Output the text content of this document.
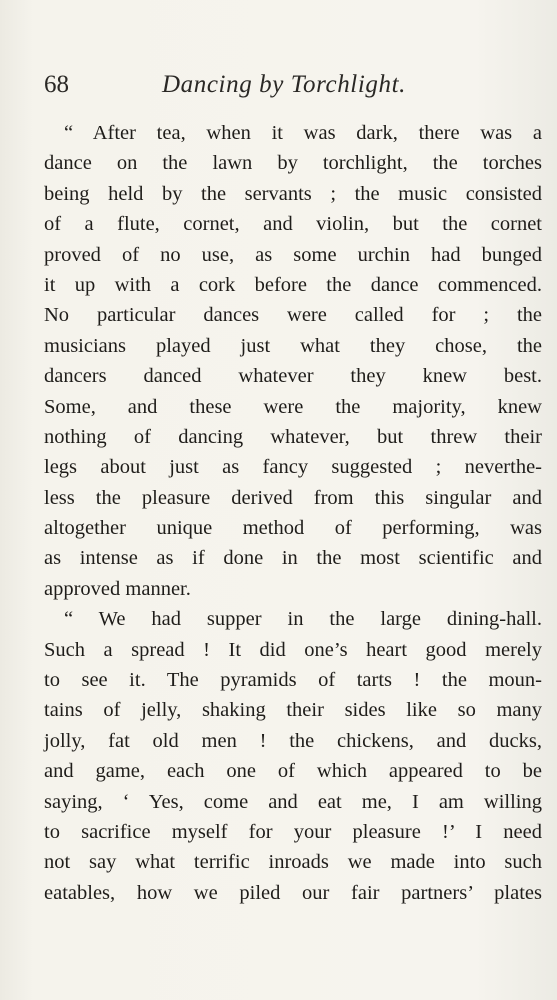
68	Dancing by Torchlight.
“ After tea, when it was dark, there was a
dance on the lawn by torchlight, the torches
being held by the servants ; the music consisted
of a flute, cornet, and violin, but the cornet
proved of no use, as some urchin had bunged
it up with a cork before the dance commenced.
No particular dances were called for ; the
musicians played just what they chose, the
dancers danced whatever they knew best.
Some, and these were the majority, knew
nothing of dancing whatever, but threw their
legs about just as fancy suggested ; neverthe-
less the pleasure derived from this singular and
altogether unique method of performing, was
as intense as if done in the most scientific and
approved manner.
“ We had supper in the large dining-hall.
Such a spread ! It did one’s heart good merely
to see it. The pyramids of tarts ! the moun-
tains of jelly, shaking their sides like so many
jolly, fat old men ! the chickens, and ducks,
and game, each one of which appeared to be
saying, ‘ Yes, come and eat me, I am willing
to sacrifice myself for your pleasure !’ I need
not say what terrific inroads we made into such
eatables, how we piled our fair partners’ plates
